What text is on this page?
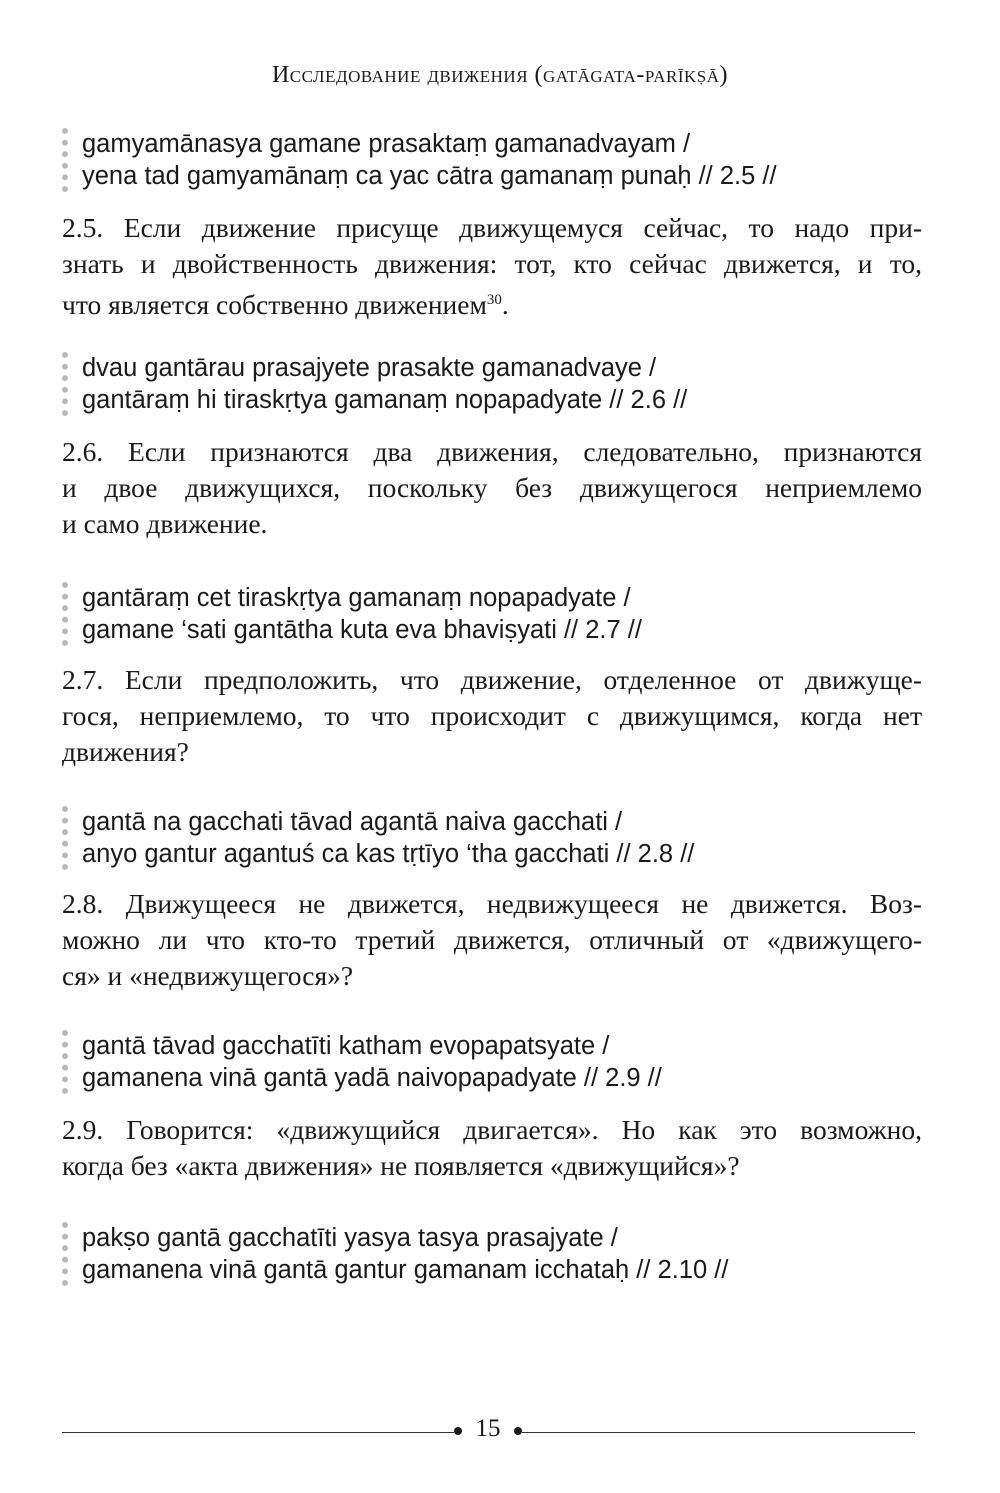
Исследование движения (gatāgata-parīkṣā)
gamyamānasya gamane prasaktaṃ gamanadvayam /
yena tad gamyamānaṃ ca yac cātra gamanaṃ punaḥ // 2.5 //
2.5. Если движение присуще движущемуся сейчас, то надо при-
знать и двойственность движения: тот, кто сейчас движется, и то,
что является собственно движением$^{30}$.
dvau gantārau prasajyete prasakte gamanadvaye /
gantāraṃ hi tiraskṛtya gamanaṃ nopapadyate // 2.6 //
2.6. Если признаются два движения, следовательно, признаются
и двое движущихся, поскольку без движущегося неприемлемо
и само движение.
gantāraṃ cet tiraskṛtya gamanaṃ nopapadyate /
gamane ‘sati gantātha kuta eva bhaviṣyati // 2.7 //
2.7. Если предположить, что движение, отделенное от движуще-
гося, неприемлемо, то что происходит с движущимся, когда нет
движения?
gantā na gacchati tāvad agantā naiva gacchati /
anyo gantur agantuś ca kas tṛtīyo ‘tha gacchati // 2.8 //
2.8. Движущееся не движется, недвижущееся не движется. Воз-
можно ли что кто-то третий движется, отличный от «движущего-
ся» и «недвижущегося»?
gantā tāvad gacchatīti katham evopapatsyate /
gamanena vinā gantā yadā naivopapadyate // 2.9 //
2.9. Говорится: «движущийся двигается». Но как это возможно,
когда без «акта движения» не появляется «движущийся»?
pakṣo gantā gacchatīti yasya tasya prasajyate /
gamanena vinā gantā gantur gamanam icchataḥ // 2.10 //
15
